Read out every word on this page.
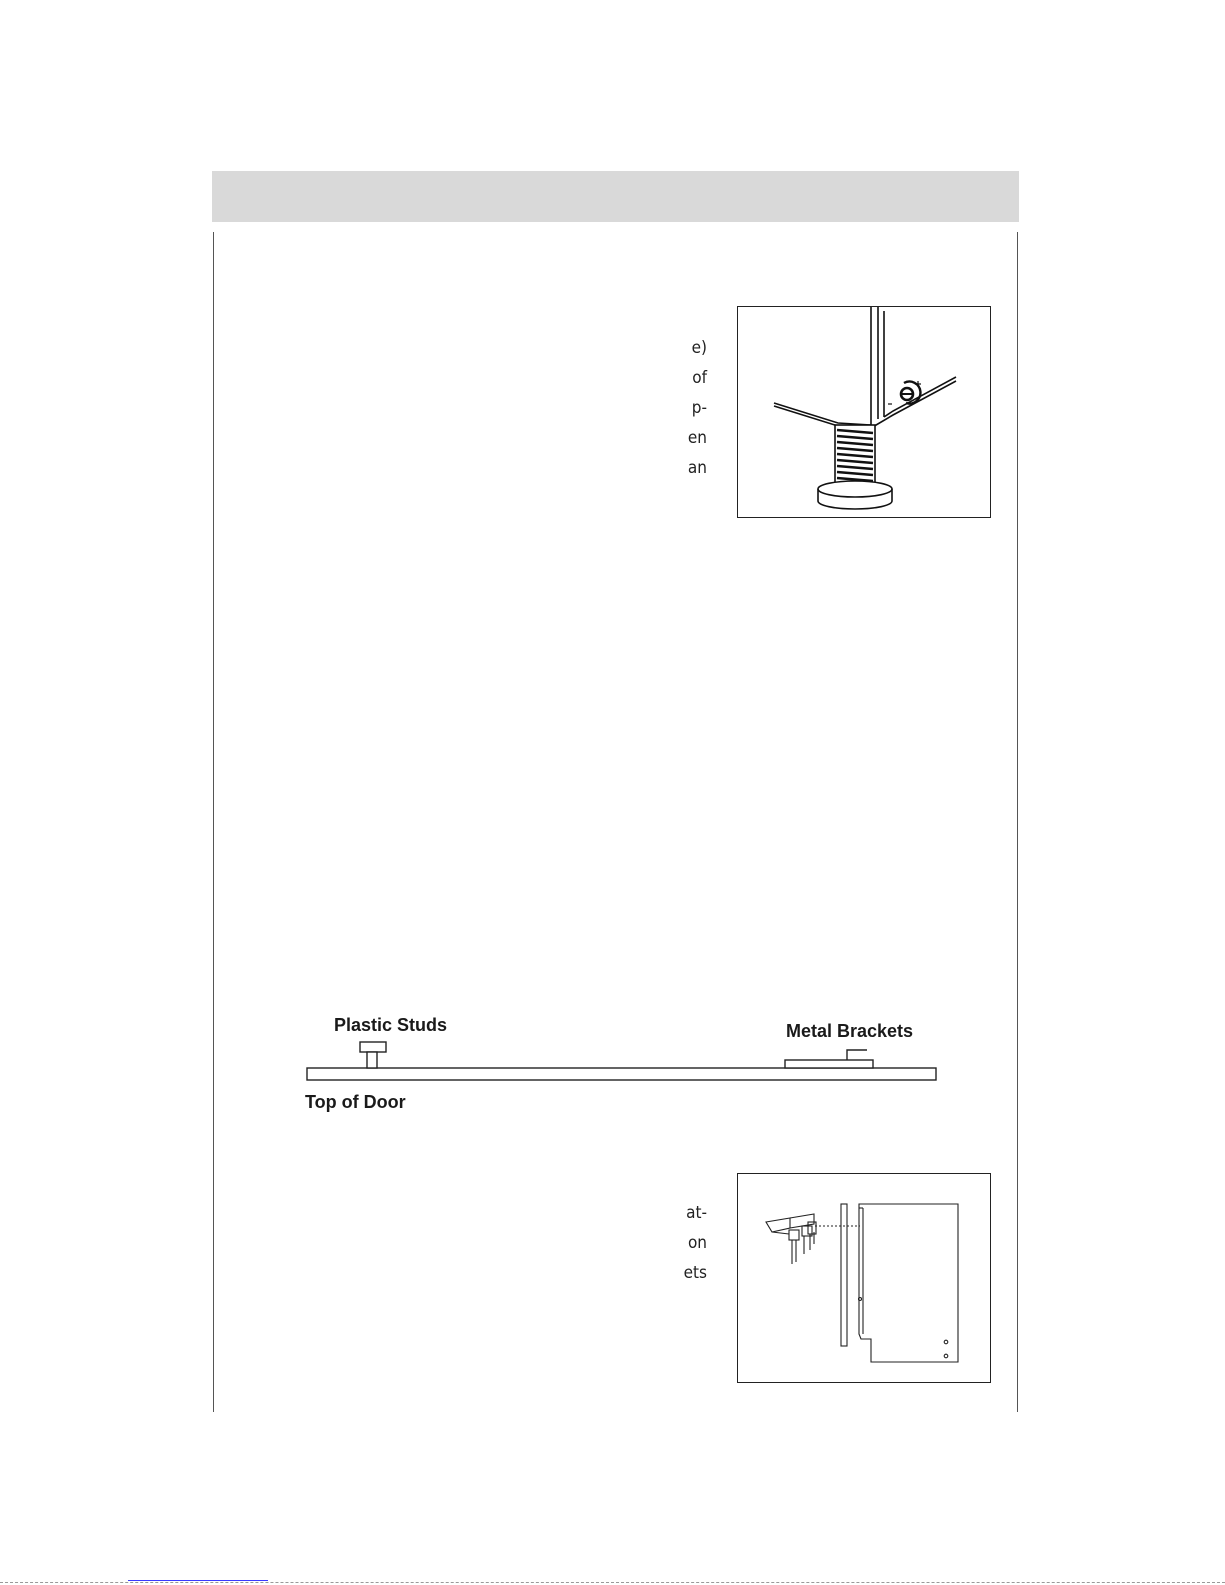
e)
of
p-
en
an
Plastic Studs	Metal Brackets
Top of Door
at-
on
ets
